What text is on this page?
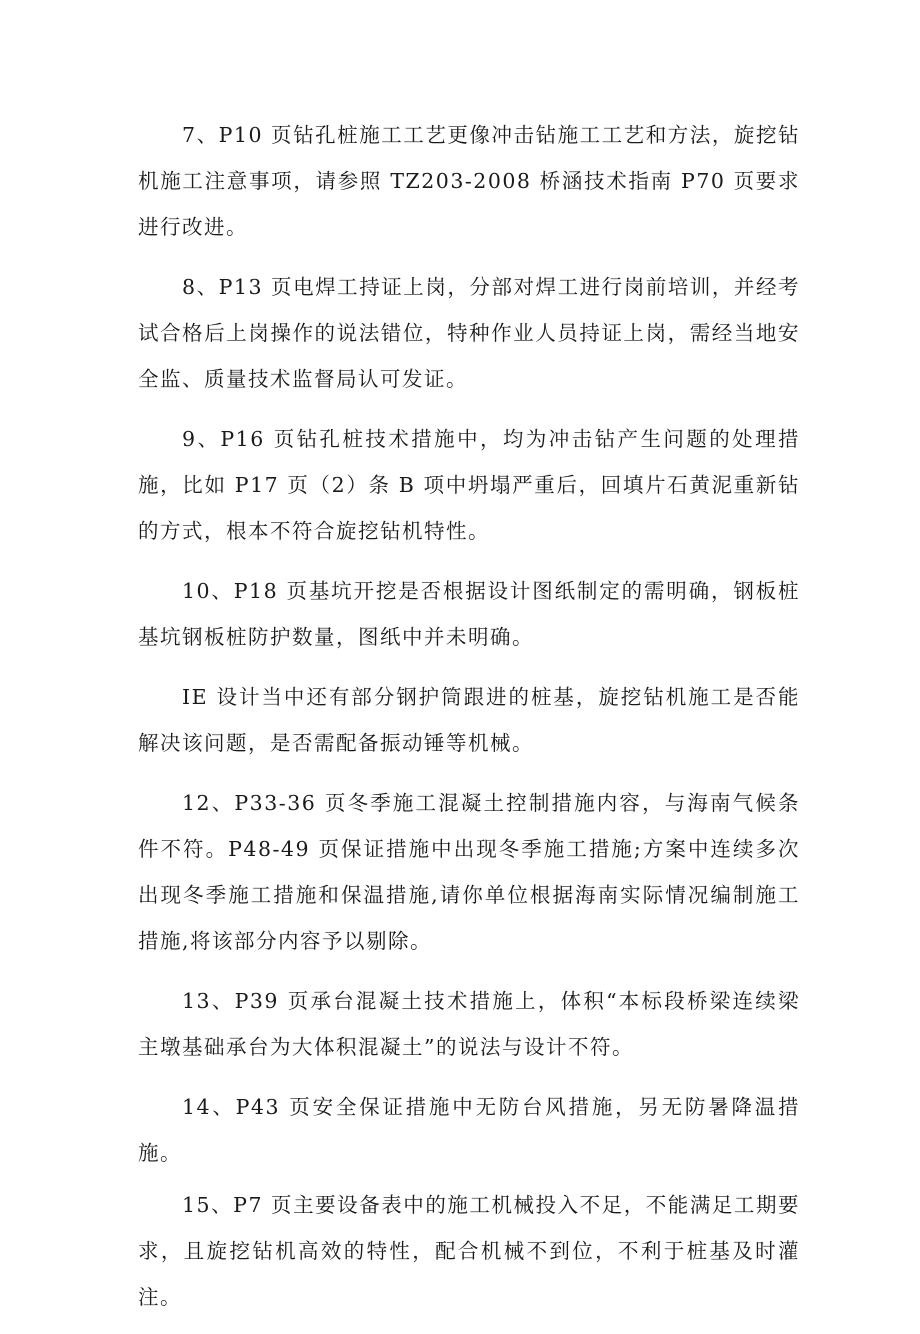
7、P10 页钻孔桩施工工艺更像冲击钻施工工艺和方法，旋挖钻机施工注意事项，请参照 TZ203-2008 桥涵技术指南 P70 页要求进行改进。

8、P13 页电焊工持证上岗，分部对焊工进行岗前培训，并经考试合格后上岗操作的说法错位，特种作业人员持证上岗，需经当地安全监、质量技术监督局认可发证。

9、P16 页钻孔桩技术措施中，均为冲击钻产生问题的处理措施，比如 P17 页（2）条 B 项中坍塌严重后，回填片石黄泥重新钻的方式，根本不符合旋挖钻机特性。

10、P18 页基坑开挖是否根据设计图纸制定的需明确，钢板桩基坑钢板桩防护数量，图纸中并未明确。

IE 设计当中还有部分钢护筒跟进的桩基，旋挖钻机施工是否能解决该问题，是否需配备振动锤等机械。

12、P33-36 页冬季施工混凝土控制措施内容，与海南气候条件不符。P48-49 页保证措施中出现冬季施工措施;方案中连续多次出现冬季施工措施和保温措施,请你单位根据海南实际情况编制施工措施,将该部分内容予以剔除。

13、P39 页承台混凝土技术措施上，体积“本标段桥梁连续梁主墩基础承台为大体积混凝土”的说法与设计不符。

14、P43 页安全保证措施中无防台风措施，另无防暑降温措施。

15、P7 页主要设备表中的施工机械投入不足，不能满足工期要求，且旋挖钻机高效的特性，配合机械不到位，不利于桩基及时灌注。
